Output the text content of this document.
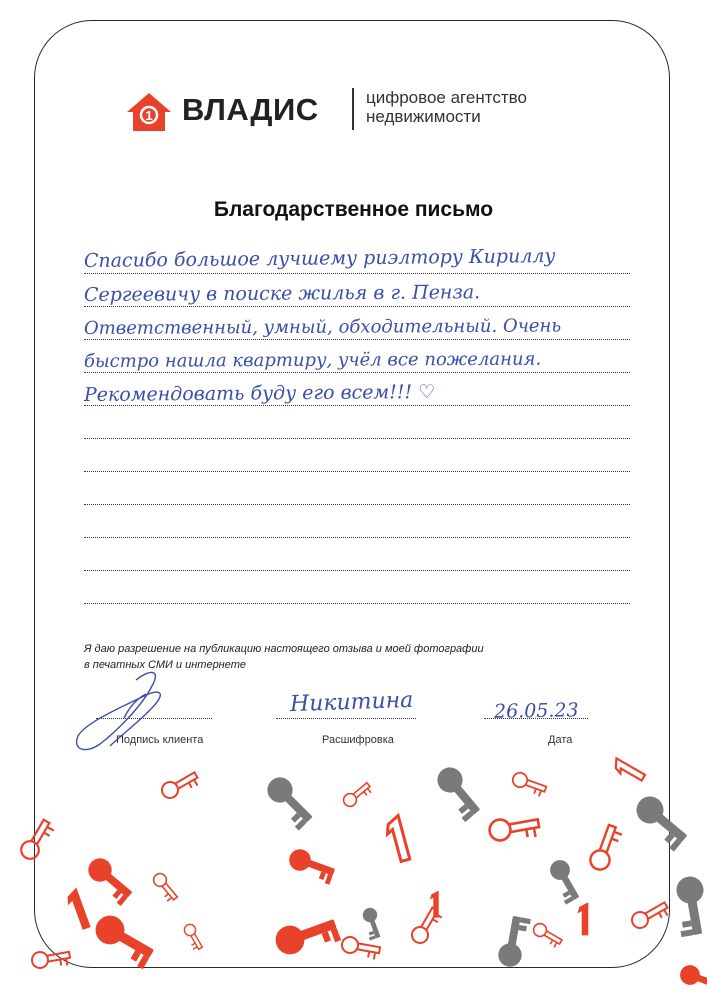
1 ВЛАДИС	цифровое агентство
недвижимости
Благодарственное письмо
Спасибо большое лучшему риэлтору Кириллу
Сергеевичу в поиске жилья в г. Пенза.
Ответственный, умный, обходительный. Очень
быстро нашла квартиру, учёл все пожелания.
Рекомендовать буду его всем!!! ♡
Я даю разрешение на публикацию настоящего отзыва и моей фотографии
в печатных СМИ и интернете
Подпись клиента
Никитина
Расшифровка
26.05.23
Дата
